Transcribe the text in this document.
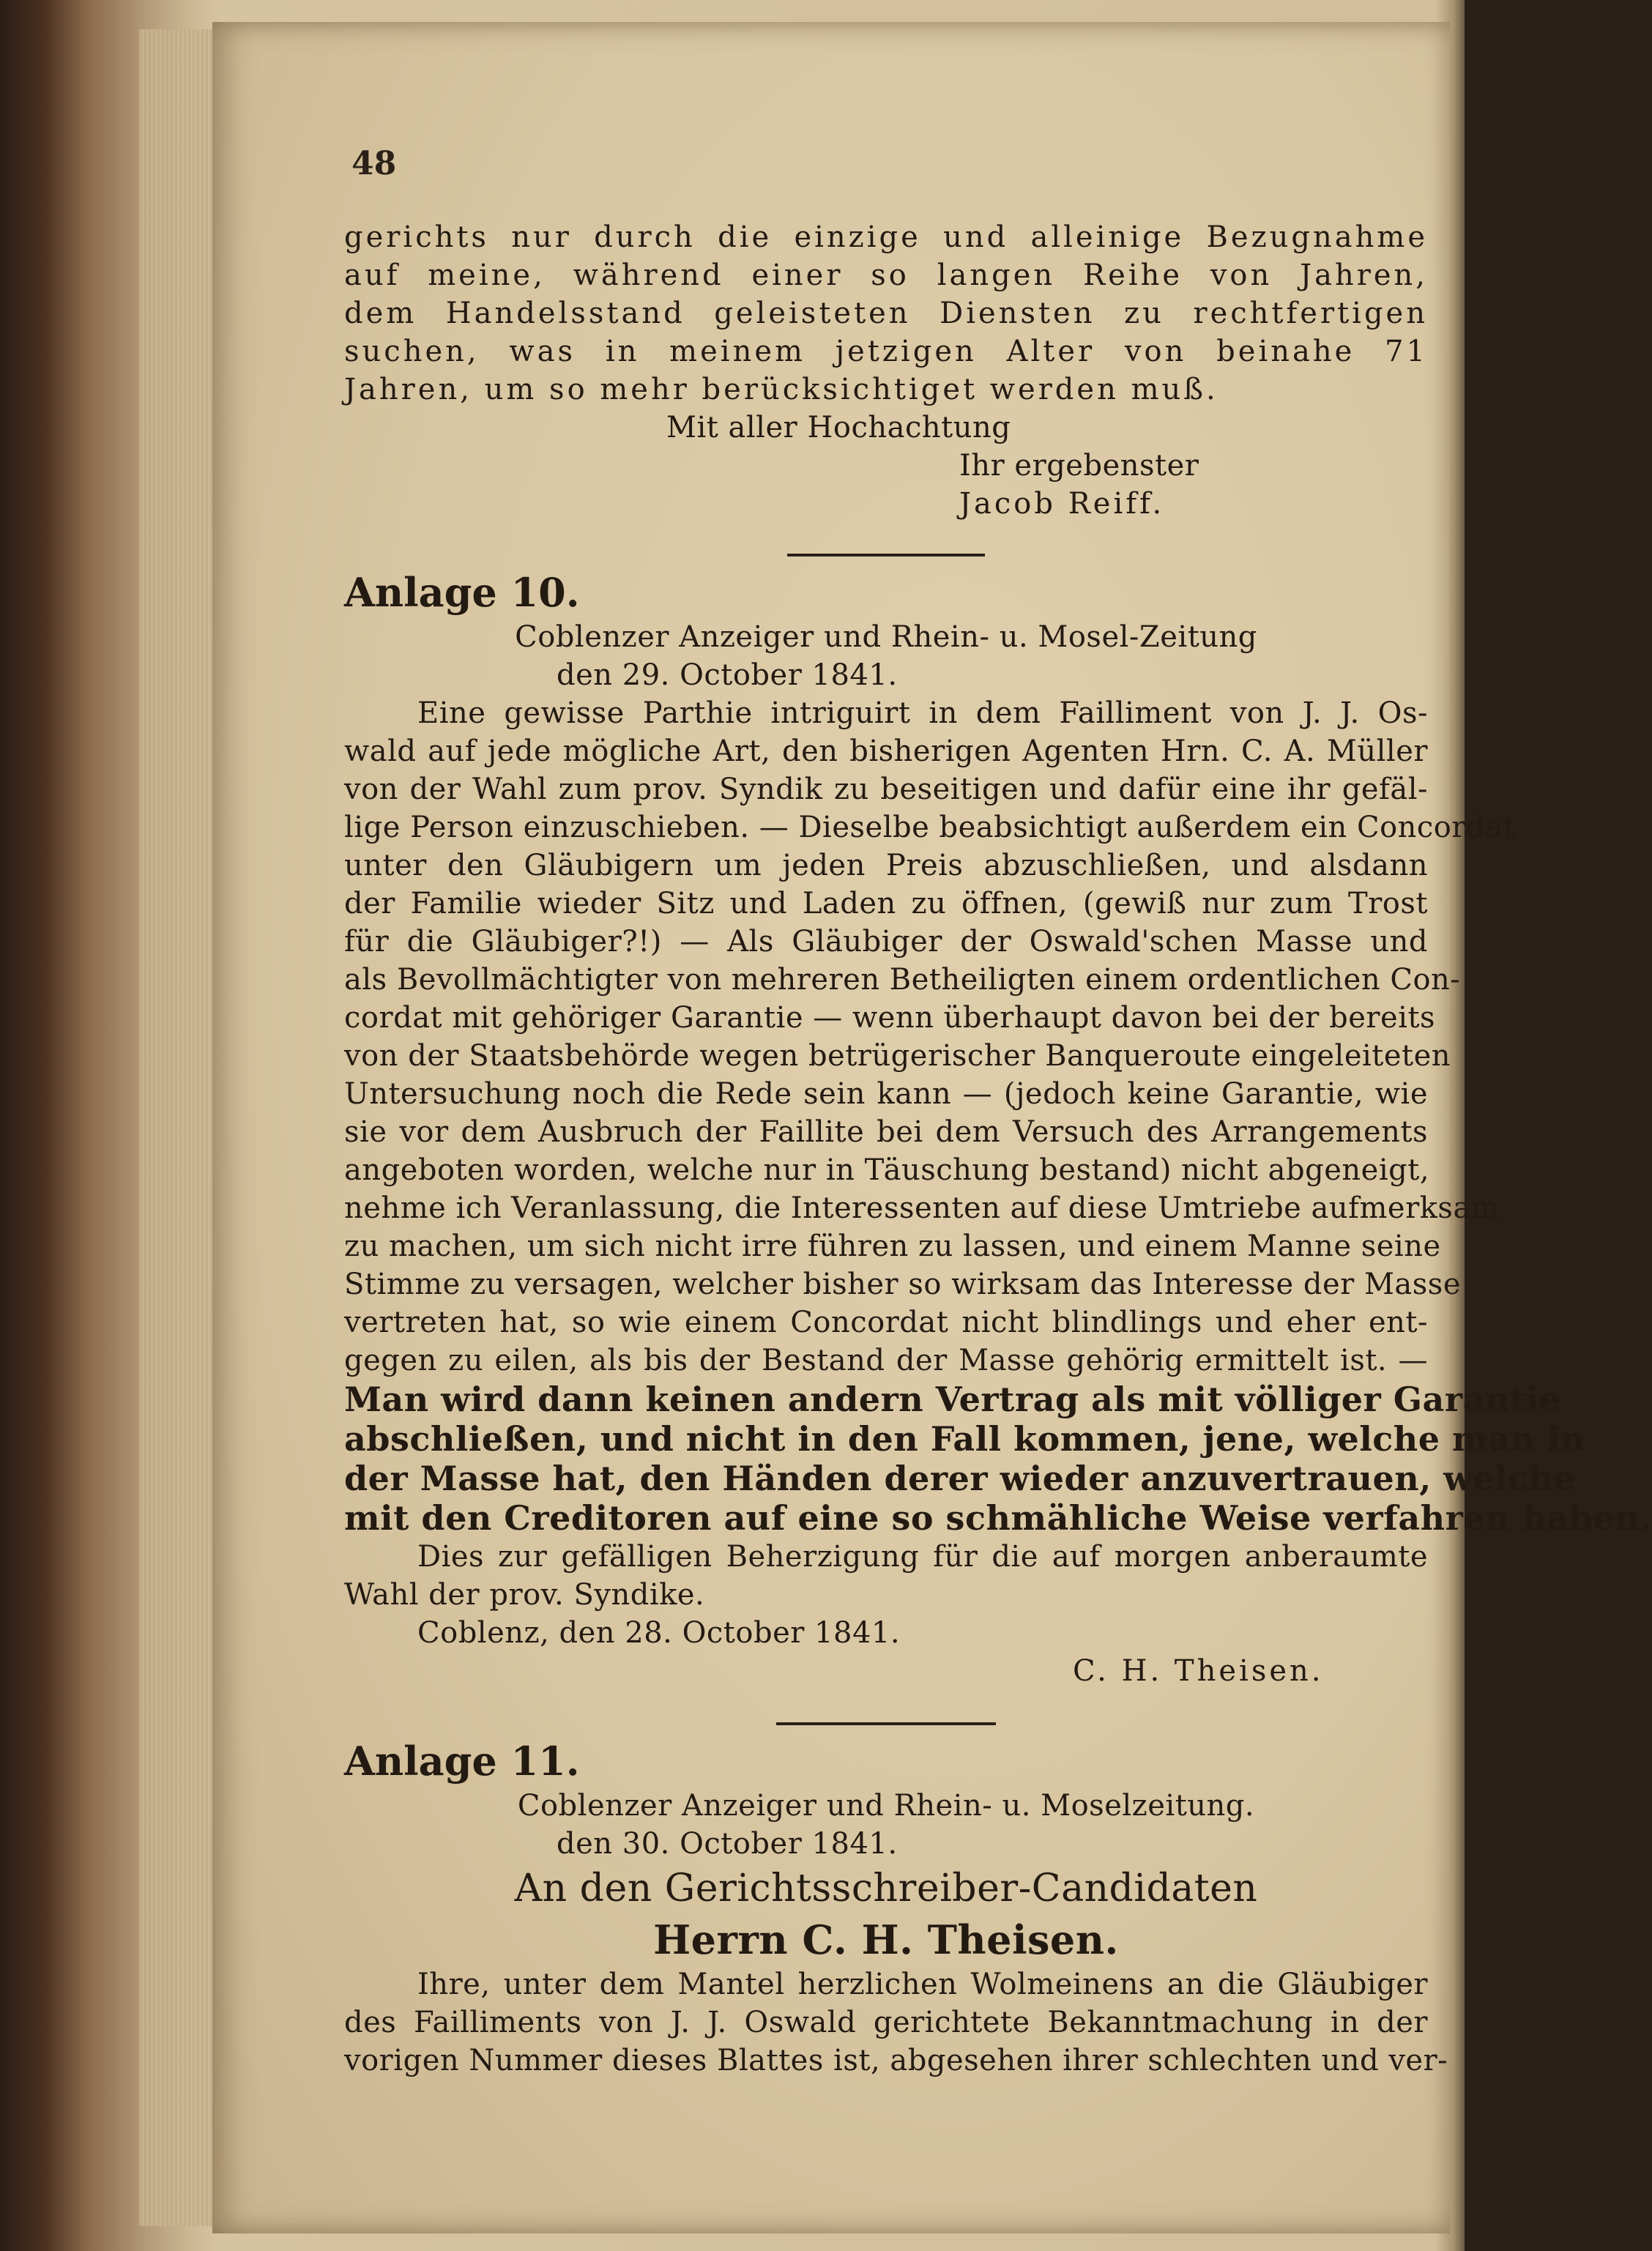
48
gerichts nur durch die einzige und alleinige Bezugnahme
auf meine, während einer so langen Reihe von Jahren,
dem Handelsstand geleisteten Diensten zu rechtfertigen
suchen, was in meinem jetzigen Alter von beinahe 71
Jahren, um so mehr berücksichtiget werden muß.
Mit aller Hochachtung
Ihr ergebenster
Jacob Reiff.
Anlage 10.
Coblenzer Anzeiger und Rhein- u. Mosel-Zeitung
den 29. October 1841.
Eine gewisse Parthie intriguirt in dem Faillіment von J. J. Os-
wald auf jede mögliche Art, den bisherigen Agenten Hrn. C. A. Müller
von der Wahl zum prov. Syndik zu beseitigen und dafür eine ihr gefäl-
lige Person einzuschieben. — Dieselbe beabsichtigt außerdem ein Concordat
unter den Gläubigern um jeden Preis abzuschließen, und alsdann
der Familie wieder Sitz und Laden zu öffnen, (gewiß nur zum Trost
für die Gläubiger?!) — Als Gläubiger der Oswald'schen Masse und
als Bevollmächtigter von mehreren Betheiligten einem ordentlichen Con-
cordat mit gehöriger Garantie — wenn überhaupt davon bei der bereits
von der Staatsbehörde wegen betrügerischer Banqueroute eingeleiteten
Untersuchung noch die Rede sein kann — (jedoch keine Garantie, wie
sie vor dem Ausbruch der Faillite bei dem Versuch des Arrangements
angeboten worden, welche nur in Täuschung bestand) nicht abgeneigt,
nehme ich Veranlassung, die Interessenten auf diese Umtriebe aufmerksam
zu machen, um sich nicht irre führen zu lassen, und einem Manne seine
Stimme zu versagen, welcher bisher so wirksam das Interesse der Masse
vertreten hat, so wie einem Concordat nicht blindlings und eher ent-
gegen zu eilen, als bis der Bestand der Masse gehörig ermittelt ist. —
Man wird dann keinen andern Vertrag als mit völliger Garantie
abschließen, und nicht in den Fall kommen, jene, welche man in
der Masse hat, den Händen derer wieder anzuvertrauen, welche
mit den Creditoren auf eine so schmähliche Weise verfahren haben.
Dies zur gefälligen Beherzigung für die auf morgen anberaumte
Wahl der prov. Syndike.
Coblenz, den 28. October 1841.
C. H. Theisen.
Anlage 11.
Coblenzer Anzeiger und Rhein- u. Moselzeitung.
den 30. October 1841.
An den Gerichtsschreiber-Candidaten
Herrn C. H. Theisen.
Ihre, unter dem Mantel herzlichen Wolmeinens an die Gläubiger
des Failliments von J. J. Oswald gerichtete Bekanntmachung in der
vorigen Nummer dieses Blattes ist, abgesehen ihrer schlechten und ver-
